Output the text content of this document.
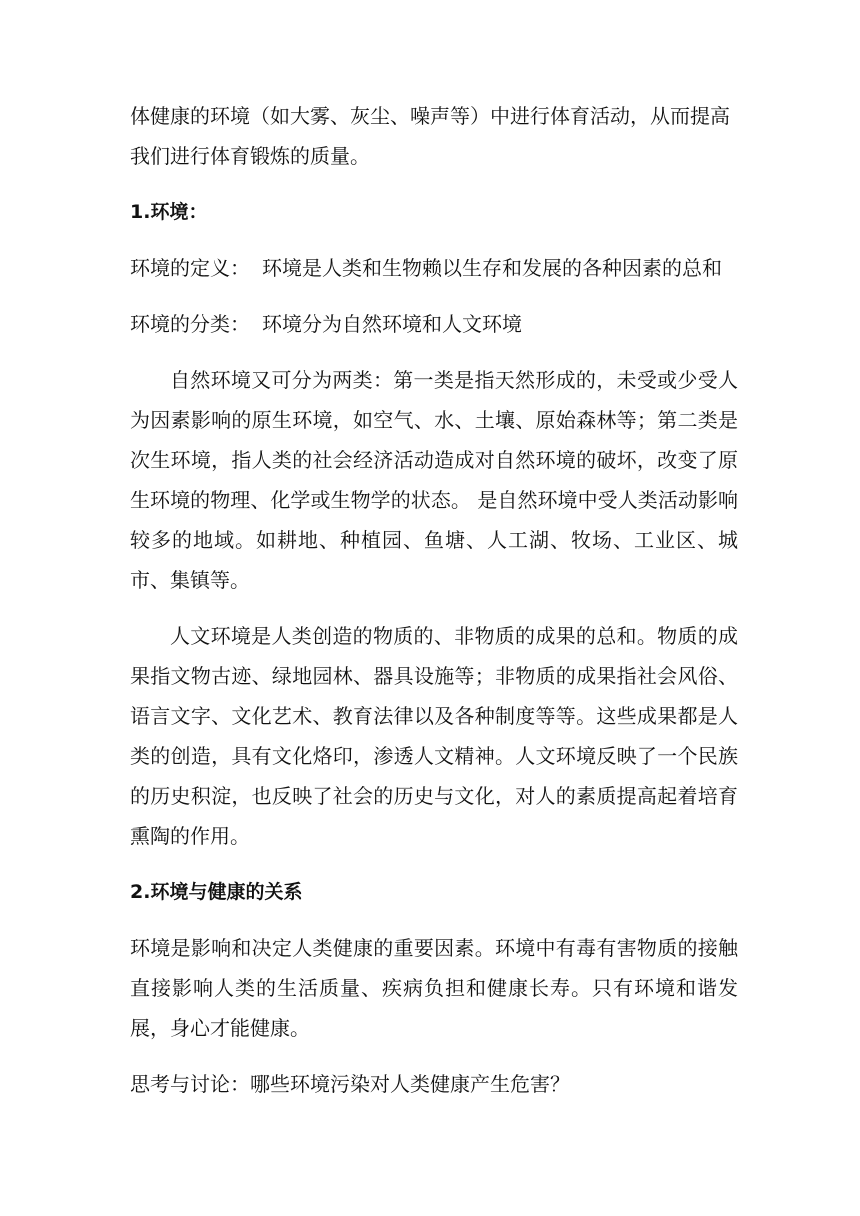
体健康的环境（如大雾、灰尘、噪声等）中进行体育活动，从而提高我们进行体育锻炼的质量。

1.环境：

环境的定义： 环境是人类和生物赖以生存和发展的各种因素的总和

环境的分类： 环境分为自然环境和人文环境

自然环境又可分为两类：第一类是指天然形成的，未受或少受人为因素影响的原生环境，如空气、水、土壤、原始森林等；第二类是次生环境，指人类的社会经济活动造成对自然环境的破坏，改变了原生环境的物理、化学或生物学的状态。 是自然环境中受人类活动影响较多的地域。如耕地、种植园、鱼塘、人工湖、牧场、工业区、城市、集镇等。

人文环境是人类创造的物质的、非物质的成果的总和。物质的成果指文物古迹、绿地园林、器具设施等；非物质的成果指社会风俗、语言文字、文化艺术、教育法律以及各种制度等等。这些成果都是人类的创造，具有文化烙印，渗透人文精神。人文环境反映了一个民族的历史积淀，也反映了社会的历史与文化，对人的素质提高起着培育熏陶的作用。

2.环境与健康的关系

环境是影响和决定人类健康的重要因素。环境中有毒有害物质的接触直接影响人类的生活质量、疾病负担和健康长寿。只有环境和谐发展，身心才能健康。

思考与讨论：哪些环境污染对人类健康产生危害？
